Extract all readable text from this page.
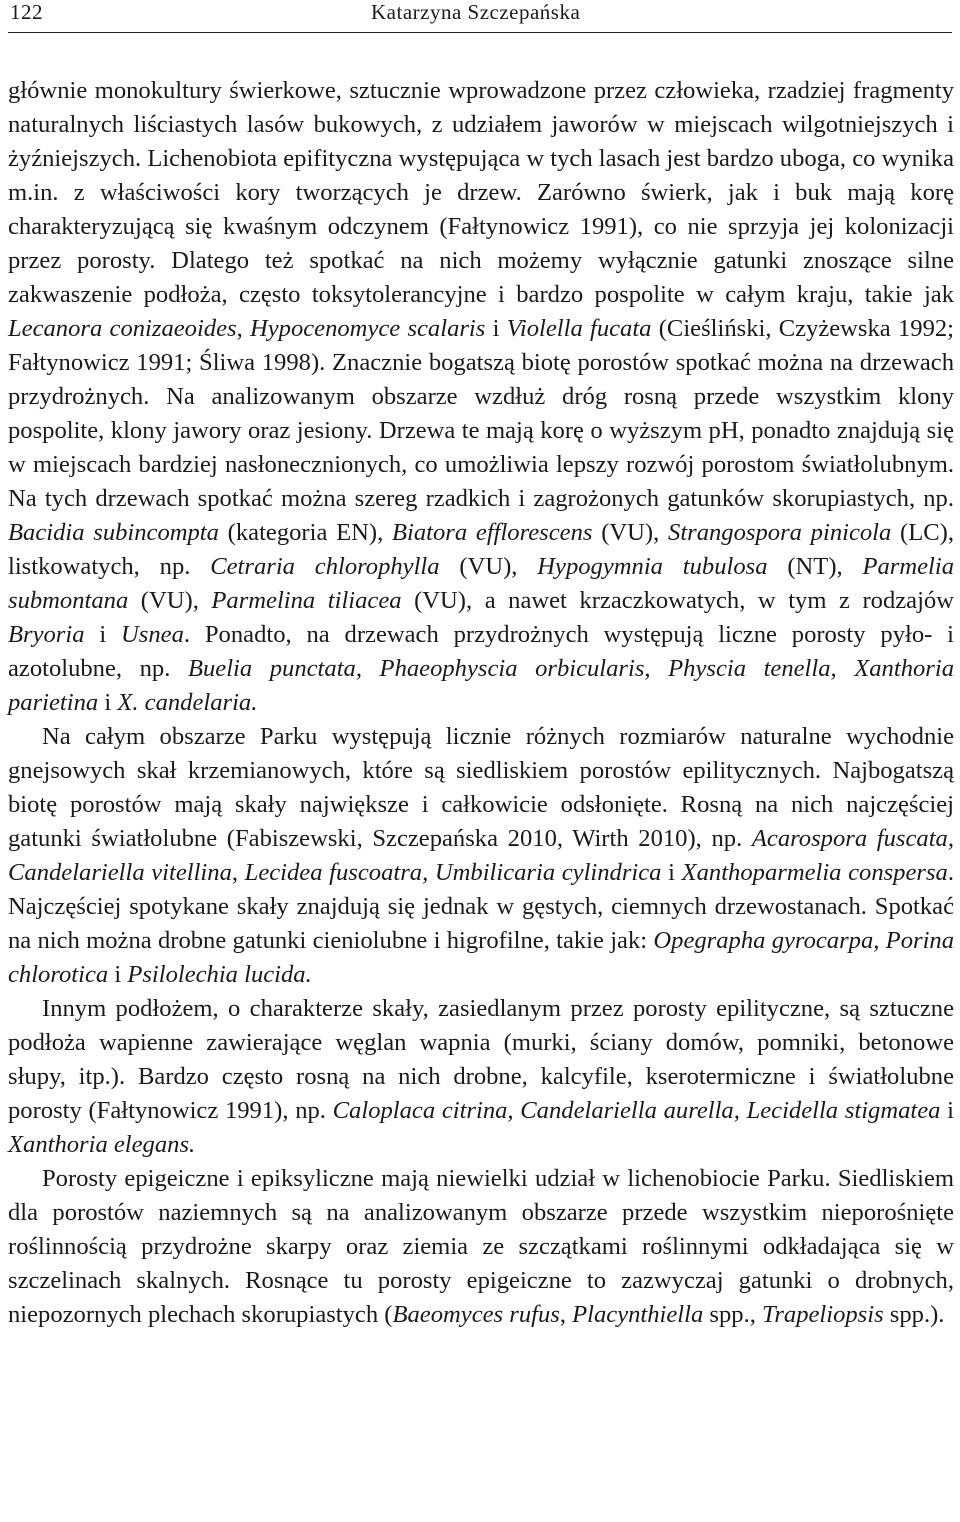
122	Katarzyna Szczepańska

głównie monokultury świerkowe, sztucznie wprowadzone przez człowieka, rzadziej fragmenty naturalnych liściastych lasów bukowych, z udziałem jaworów w miejscach wilgotniejszych i żyźniejszych. Lichenobiota epifityczna występująca w tych lasach jest bardzo uboga, co wynika m.in. z właściwości kory tworzących je drzew. Zarówno świerk, jak i buk mają korę charakteryzującą się kwaśnym odczynem (Fałtynowicz 1991), co nie sprzyja jej kolonizacji przez porosty. Dlatego też spotkać na nich możemy wyłącznie gatunki znoszące silne zakwaszenie podłoża, często toksytolerancyjne i bardzo pospolite w całym kraju, takie jak Lecanora conizaeoides, Hypocenomyce scalaris i Violella fucata (Cieśliński, Czyżewska 1992; Fałtynowicz 1991; Śliwa 1998). Znacznie bogatszą biotę porostów spotkać można na drzewach przydrożnych. Na analizowanym obszarze wzdłuż dróg rosną przede wszystkim klony pospolite, klony jawory oraz jesiony. Drzewa te mają korę o wyższym pH, ponadto znajdują się w miejscach bardziej nasłonecznionych, co umożliwia lepszy rozwój porostom światłolubnym. Na tych drzewach spotkać można szereg rzadkich i zagrożonych gatunków skorupiastych, np. Bacidia subincompta (kategoria EN), Biatora efflorescens (VU), Strangospora pinicola (LC), listkowatych, np. Cetraria chlorophylla (VU), Hypogymnia tubulosa (NT), Parmelia submontana (VU), Parmelina tiliacea (VU), a nawet krzaczkowatych, w tym z rodzajów Bryoria i Usnea. Ponadto, na drzewach przydrożnych występują liczne porosty pyło- i azotolubne, np. Buelia punctata, Phaeophyscia orbicularis, Physcia tenella, Xanthoria parietina i X. candelaria.

Na całym obszarze Parku występują licznie różnych rozmiarów naturalne wychodnie gnejsowych skał krzemianowych, które są siedliskiem porostów epilitycznych. Najbogatszą biotę porostów mają skały największe i całkowicie odsłonięte. Rosną na nich najczęściej gatunki światłolubne (Fabiszewski, Szczepańska 2010, Wirth 2010), np. Acarospora fuscata, Candelariella vitellina, Lecidea fuscoatra, Umbilicaria cylindrica i Xanthoparmelia conspersa. Najczęściej spotykane skały znajdują się jednak w gęstych, ciemnych drzewostanach. Spotkać na nich można drobne gatunki cieniolubne i higrofilne, takie jak: Opegrapha gyrocarpa, Porina chlorotica i Psilolechia lucida.

Innym podłożem, o charakterze skały, zasiedlanym przez porosty epilityczne, są sztuczne podłoża wapienne zawierające węglan wapnia (murki, ściany domów, pomniki, betonowe słupy, itp.). Bardzo często rosną na nich drobne, kalcyfile, kserotermiczne i światłolubne porosty (Fałtynowicz 1991), np. Caloplaca citrina, Candelariella aurella, Lecidella stigmatea i Xanthoria elegans.

Porosty epigeiczne i epiksyliczne mają niewielki udział w lichenobiocie Parku. Siedliskiem dla porostów naziemnych są na analizowanym obszarze przede wszystkim nieporośnięte roślinnością przydrożne skarpy oraz ziemia ze szczątkami roślinnymi odkładająca się w szczelinach skalnych. Rosnące tu porosty epigeiczne to zazwyczaj gatunki o drobnych, niepozornych plechach skorupiastych (Baeomyces rufus, Placynthiella spp., Trapeliopsis spp.).
